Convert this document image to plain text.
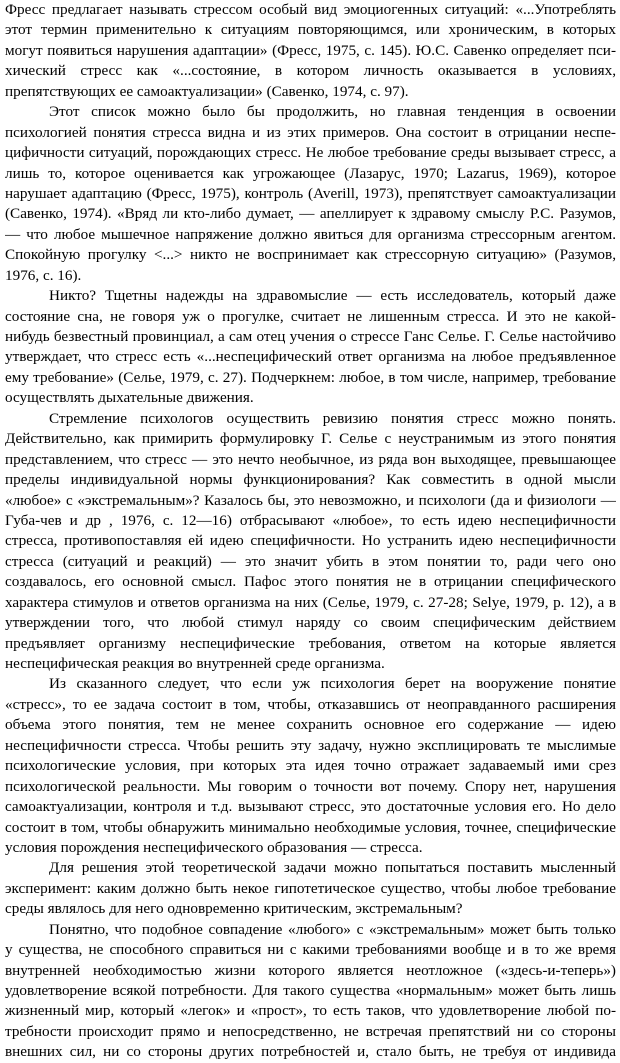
Фресс предлагает называть стрессом особый вид эмоциогенных ситуаций: «...Употреблять
этот термин применительно к ситуациям повторяющимся, или хроническим, в которых
могут появиться нарушения адаптации» (Фресс, 1975, с. 145). Ю.С. Савенко определяет пси-
хический стресс как «...состояние, в котором личность оказывается в условиях,
препятствующих ее самоактуализации» (Савенко, 1974, с. 97).
Этот список можно было бы продолжить, но главная тенденция в освоении
психологией понятия стресса видна и из этих примеров. Она состоит в отрицании неспе-
цифичности ситуаций, порождающих стресс. Не любое требование среды вызывает стресс, а
лишь то, которое оценивается как угрожающее (Лазарус, 1970; Lazarus, 1969), которое
нарушает адаптацию (Фресс, 1975), контроль (Averill, 1973), препятствует самоактуализации
(Савенко, 1974). «Вряд ли кто-либо думает, — апеллирует к здравому смыслу Р.С. Разумов,
— что любое мышечное напряжение должно явиться для организма стрессорным агентом.
Спокойную прогулку <...> никто не воспринимает как стрессорную ситуацию» (Разумов,
1976, с. 16).
Никто? Тщетны надежды на здравомыслие — есть исследователь, который даже
состояние сна, не говоря уж о прогулке, считает не лишенным стресса. И это не какой-
нибудь безвестный провинциал, а сам отец учения о стрессе Ганс Селье. Г. Селье настойчиво
утверждает, что стресс есть «...неспецифический ответ организма на любое предъявленное
ему требование» (Селье, 1979, с. 27). Подчеркнем: любое, в том числе, например, требование
осуществлять дыхательные движения.
Стремление психологов осуществить ревизию понятия стресс можно понять.
Действительно, как примирить формулировку Г. Селье с неустранимым из этого понятия
представлением, что стресс — это нечто необычное, из ряда вон выходящее, превышающее
пределы индивидуальной нормы функционирования? Как совместить в одной мысли
«любое» с «экстремальным»? Казалось бы, это невозможно, и психологи (да и физиологи —
Губа-чев и др , 1976, с. 12—16) отбрасывают «любое», то есть идею неспецифичности
стресса, противопоставляя ей идею специфичности. Но устранить идею неспецифичности
стресса (ситуаций и реакций) — это значит убить в этом понятии то, ради чего оно
создавалось, его основной смысл. Пафос этого понятия не в отрицании специфического
характера стимулов и ответов организма на них (Селье, 1979, с. 27-28; Selye, 1979, p. 12), а в
утверждении того, что любой стимул наряду со своим специфическим действием
предъявляет организму неспецифические требования, ответом на которые является
неспецифическая реакция во внутренней среде организма.
Из сказанного следует, что если уж психология берет на вооружение понятие
«стресс», то ее задача состоит в том, чтобы, отказавшись от неоправданного расширения
объема этого понятия, тем не менее сохранить основное его содержание — идею
неспецифичности стресса. Чтобы решить эту задачу, нужно эксплицировать те мыслимые
психологические условия, при которых эта идея точно отражает задаваемый ими срез
психологической реальности. Мы говорим о точности вот почему. Спору нет, нарушения
самоактуализации, контроля и т.д. вызывают стресс, это достаточные условия его. Но дело
состоит в том, чтобы обнаружить минимально необходимые условия, точнее, специфические
условия порождения неспецифического образования — стресса.
Для решения этой теоретической задачи можно попытаться поставить мысленный
эксперимент: каким должно быть некое гипотетическое существо, чтобы любое требование
среды являлось для него одновременно критическим, экстремальным?
Понятно, что подобное совпадение «любого» с «экстремальным» может быть только
у существа, не способного справиться ни с какими требованиями вообще и в то же время
внутренней необходимостью жизни которого является неотложное («здесь-и-теперь»)
удовлетворение всякой потребности. Для такого существа «нормальным» может быть лишь
жизненный мир, который «легок» и «прост», то есть таков, что удовлетворение любой по-
требности происходит прямо и непосредственно, не встречая препятствий ни со стороны
внешних сил, ни со стороны других потребностей и, стало быть, не требуя от индивида
